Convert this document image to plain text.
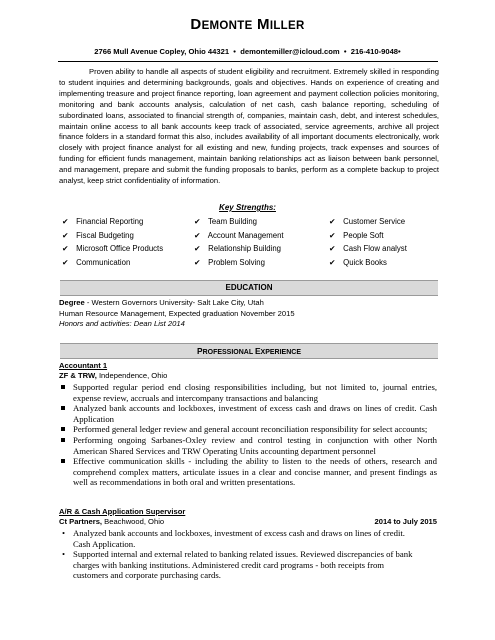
DEMONTE MILLER
2766 Mull Avenue Copley, Ohio 44321 • demontemiller@icloud.com • 216-410-9048•
Proven ability to handle all aspects of student eligibility and recruitment. Extremely skilled in responding to student inquiries and determining backgrounds, goals and objectives. Hands on experience of creating and implementing treasure and project finance reporting, loan agreement and payment collection policies monitoring, monitoring and bank accounts analysis, calculation of net cash, cash balance reporting, scheduling of subordinated loans, associated to financial strength of, companies, maintain cash, debt, and interest schedules, maintain online access to all bank accounts keep track of associated, service agreements, archive all project finance folders in a standard format this also, includes availability of all important documents electronically, work closely with project finance analyst for all existing and new, funding projects, track expenses and sources of funding for efficient funds management, maintain banking relationships act as liaison between bank personnel, and management, prepare and submit the funding proposals to banks, perform as a complete backup to project analyst, keep strict confidentiality of information.
Key Strengths:
✔ Financial Reporting
✔ Fiscal Budgeting
✔ Microsoft Office Products
✔ Communication
✔ Team Building
✔ Account Management
✔ Relationship Building
✔ Problem Solving
✔ Customer Service
✔ People Soft
✔ Cash Flow analyst
✔ Quick Books
EDUCATION
Degree - Western Governors University- Salt Lake City, Utah
Human Resource Management, Expected graduation November 2015
Honors and activities: Dean List 2014
PROFESSIONAL EXPERIENCE
Accountant 1
ZF & TRW, Independence, Ohio
Supported regular period end closing responsibilities including, but not limited to, journal entries, expense review, accruals and intercompany transactions and balancing
Analyzed bank accounts and lockboxes, investment of excess cash and draws on lines of credit. Cash Application
Performed general ledger review and general account reconciliation responsibility for select accounts;
Performing ongoing Sarbanes-Oxley review and control testing in conjunction with other North American Shared Services and TRW Operating Units accounting department personnel
Effective communication skills - including the ability to listen to the needs of others, research and comprehend complex matters, articulate issues in a clear and concise manner, and present findings as well as recommendations in both oral and written presentations.
A/R & Cash Application Supervisor
Ct Partners, Beachwood, Ohio	2014 to July 2015
• Analyzed bank accounts and lockboxes, investment of excess cash and draws on lines of credit. Cash Application.
• Supported internal and external related to banking related issues. Reviewed discrepancies of bank charges with banking institutions. Administered credit card programs - both receipts from customers and corporate purchasing cards.
